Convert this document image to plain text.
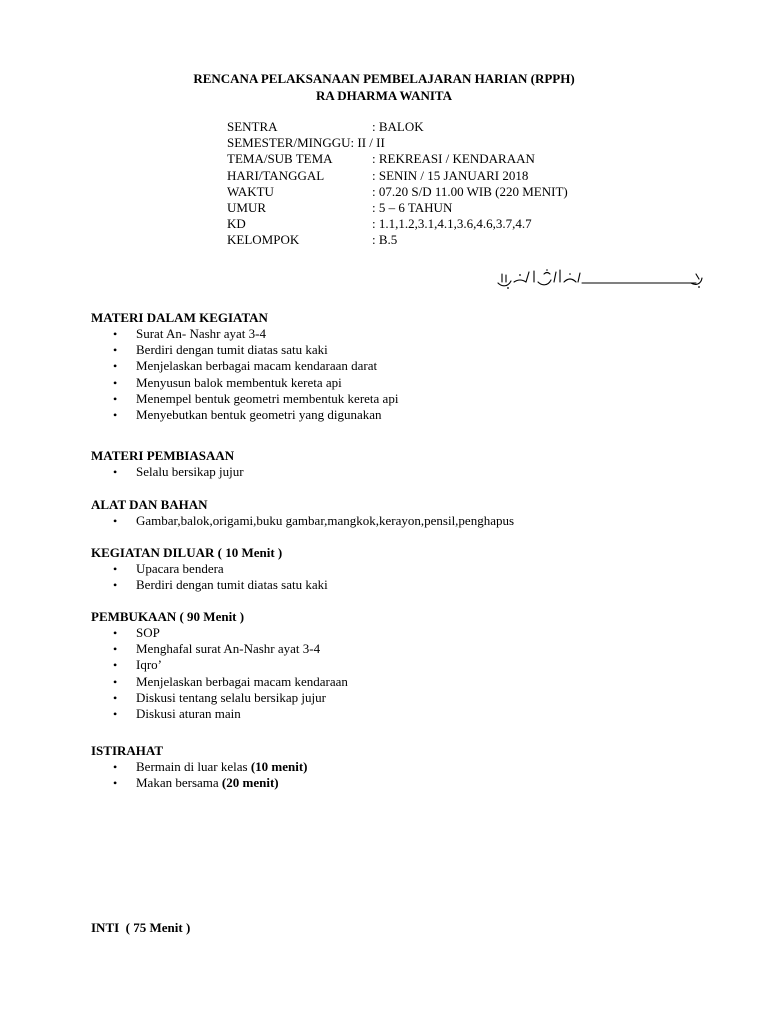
RENCANA PELAKSANAAN PEMBELAJARAN HARIAN (RPPH)
RA DHARMA WANITA
SENTRA	: BALOK
SEMESTER/MINGGU: II / II
TEMA/SUB TEMA	: REKREASI / KENDARAAN
HARI/TANGGAL	: SENIN / 15 JANUARI 2018
WAKTU	: 07.20 S/D 11.00 WIB (220 MENIT)
UMUR	: 5 – 6 TAHUN
KD	: 1.1,1.2,3.1,4.1,3.6,4.6,3.7,4.7
KELOMPOK	: B.5
MATERI DALAM KEGIATAN
• Surat An- Nashr ayat 3-4
• Berdiri dengan tumit diatas satu kaki
• Menjelaskan berbagai macam kendaraan darat
• Menyusun balok membentuk kereta api
• Menempel bentuk geometri membentuk kereta api
• Menyebutkan bentuk geometri yang digunakan
MATERI PEMBIASAAN
• Selalu bersikap jujur
ALAT DAN BAHAN
• Gambar,balok,origami,buku gambar,mangkok,kerayon,pensil,penghapus
KEGIATAN DILUAR ( 10 Menit )
• Upacara bendera
• Berdiri dengan tumit diatas satu kaki
PEMBUKAAN ( 90 Menit )
• SOP
• Menghafal surat An-Nashr ayat 3-4
• Iqro’
• Menjelaskan berbagai macam kendaraan
• Diskusi tentang selalu bersikap jujur
• Diskusi aturan main
ISTIRAHAT
• Bermain di luar kelas (10 menit)
• Makan bersama (20 menit)
INTI  ( 75 Menit )
